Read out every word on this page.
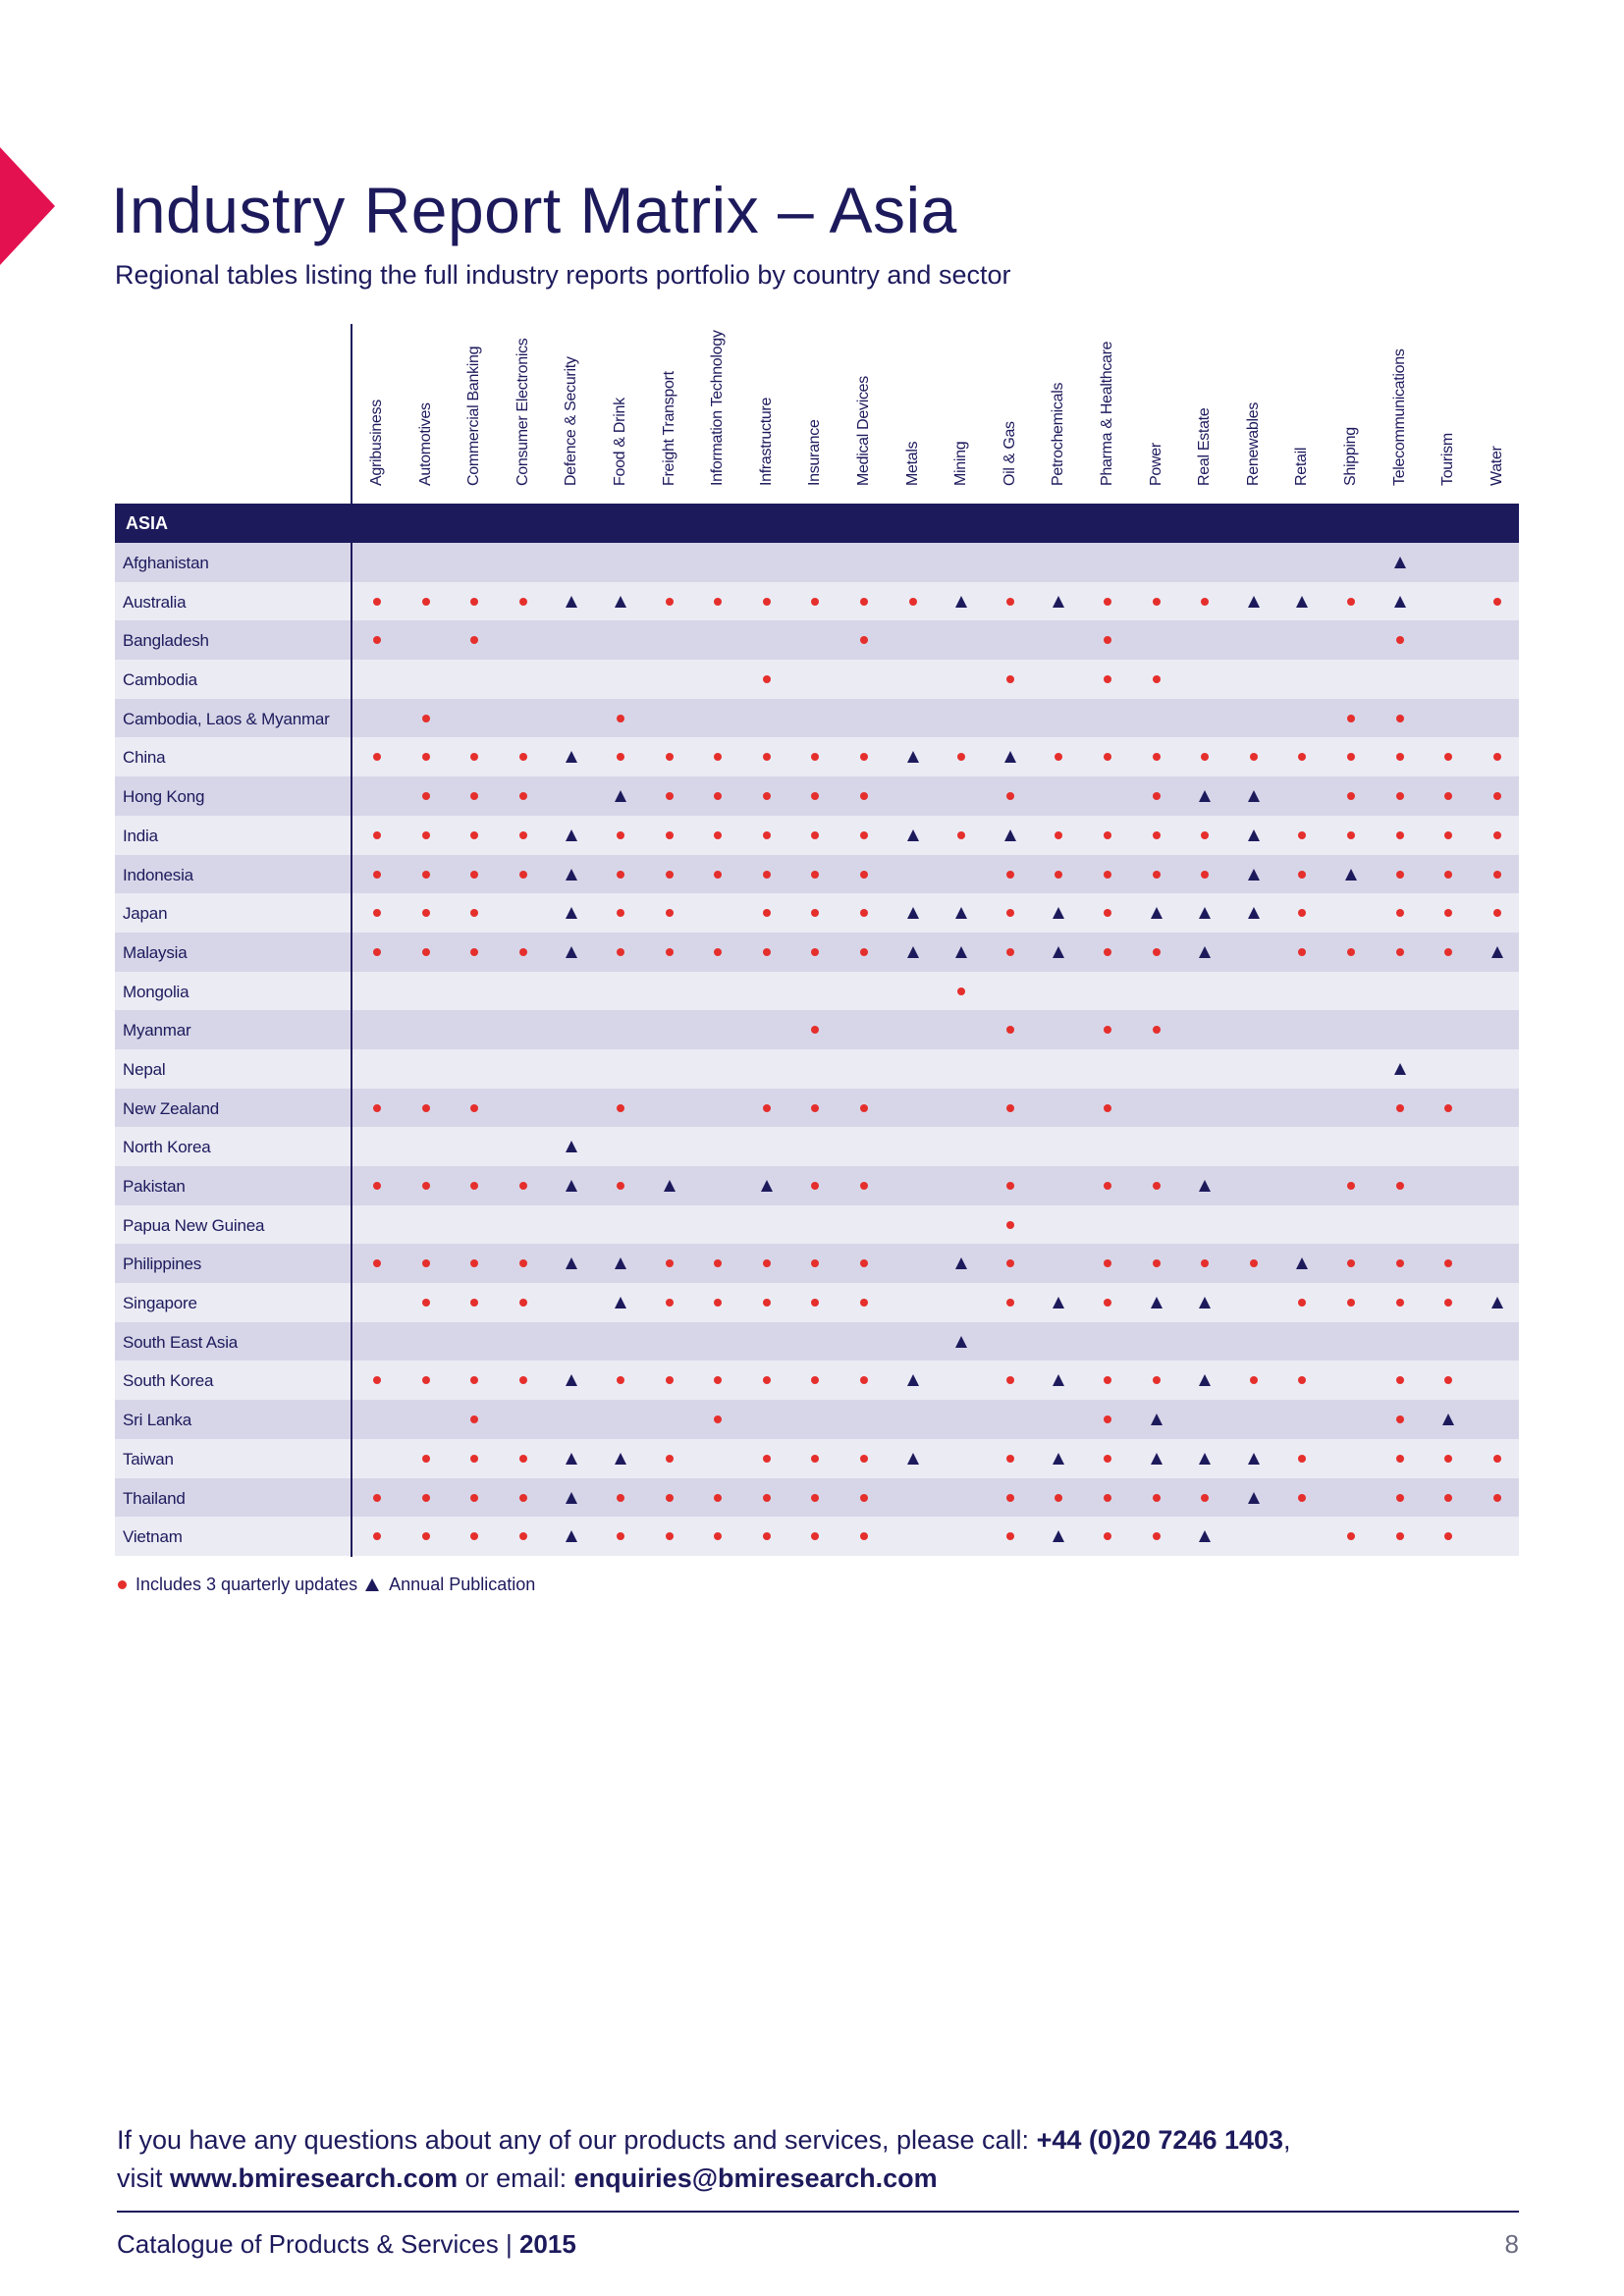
Industry Report Matrix – Asia

Regional tables listing the full industry reports portfolio by country and sector

Agribusiness Automotives Commercial Banking Consumer Electronics Defence & Security Food & Drink Freight Transport Information Technology Infrastructure Insurance Medical Devices Metals Mining Oil & Gas Petrochemicals Pharma & Healthcare Power Real Estate Renewables Retail Shipping Telecommunications Tourism Water
ASIA
Afghanistan
Australia
Bangladesh
Cambodia
Cambodia, Laos & Myanmar
China
Hong Kong
India
Indonesia
Japan
Malaysia
Mongolia
Myanmar
Nepal
New Zealand
North Korea
Pakistan
Papua New Guinea
Philippines
Singapore
South East Asia
South Korea
Sri Lanka
Taiwan
Thailand
Vietnam
Includes 3 quarterly updates Annual Publication
If you have any questions about any of our products and services, please call: +44 (0)20 7246 1403,
visit www.bmiresearch.com or email: enquiries@bmiresearch.com
Catalogue of Products & Services | 2015	8
